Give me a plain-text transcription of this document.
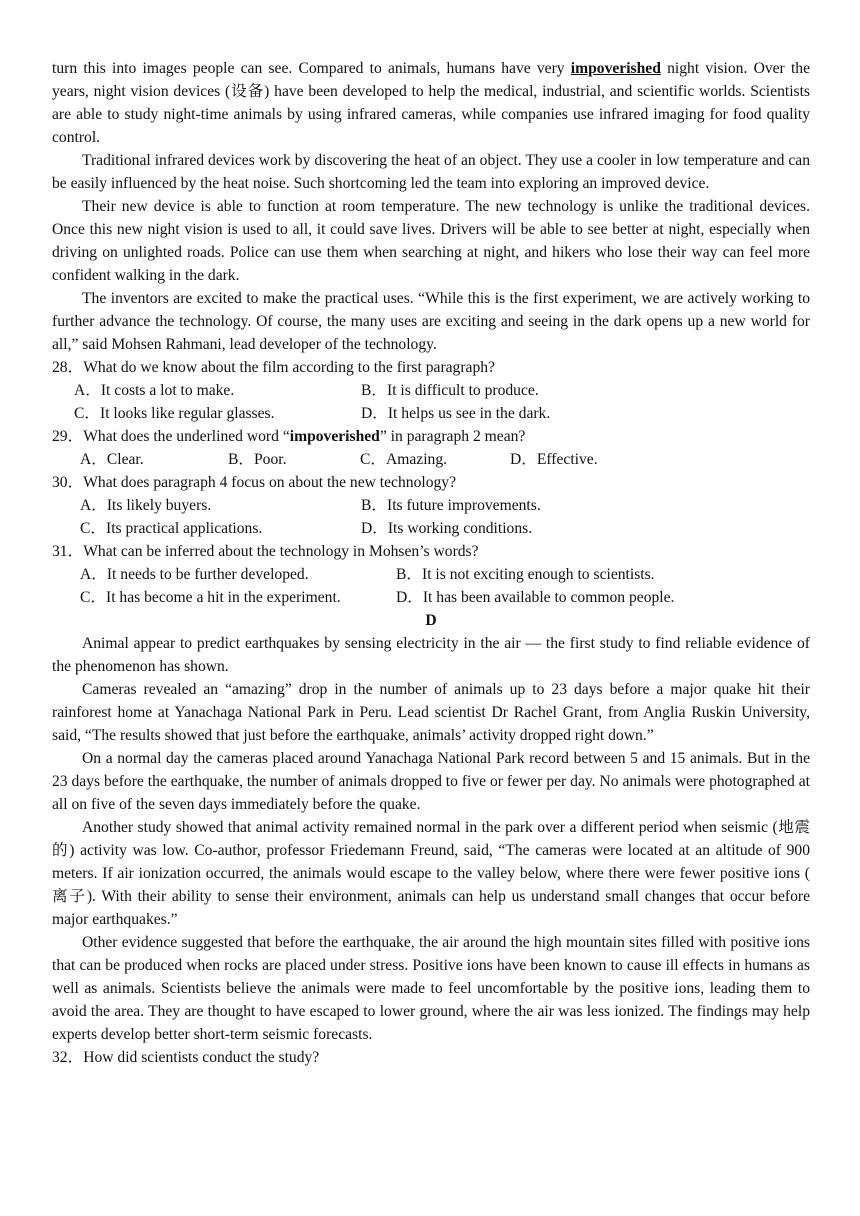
turn this into images people can see. Compared to animals, humans have very impoverished night vision. Over the years, night vision devices (设备) have been developed to help the medical, industrial, and scientific worlds. Scientists are able to study night-time animals by using infrared cameras, while companies use infrared imaging for food quality control.

Traditional infrared devices work by discovering the heat of an object. They use a cooler in low temperature and can be easily influenced by the heat noise. Such shortcoming led the team into exploring an improved device.

Their new device is able to function at room temperature. The new technology is unlike the traditional devices. Once this new night vision is used to all, it could save lives. Drivers will be able to see better at night, especially when driving on unlighted roads. Police can use them when searching at night, and hikers who lose their way can feel more confident walking in the dark.

The inventors are excited to make the practical uses. “While this is the first experiment, we are actively working to further advance the technology. Of course, the many uses are exciting and seeing in the dark opens up a new world for all,” said Mohsen Rahmani, lead developer of the technology.

28．What do we know about the film according to the first paragraph?
A．It costs a lot to make.	B．It is difficult to produce.
C．It looks like regular glasses.	D．It helps us see in the dark.
29．What does the underlined word “impoverished” in paragraph 2 mean?
A．Clear.	B．Poor.	C．Amazing.	D．Effective.
30．What does paragraph 4 focus on about the new technology?
A．Its likely buyers.	B．Its future improvements.
C．Its practical applications.	D．Its working conditions.
31．What can be inferred about the technology in Mohsen’s words?
A．It needs to be further developed.	B．It is not exciting enough to scientists.
C．It has become a hit in the experiment.	D．It has been available to common people.
D

Animal appear to predict earthquakes by sensing electricity in the air — the first study to find reliable evidence of the phenomenon has shown.

Cameras revealed an “amazing” drop in the number of animals up to 23 days before a major quake hit their rainforest home at Yanachaga National Park in Peru. Lead scientist Dr Rachel Grant, from Anglia Ruskin University, said, “The results showed that just before the earthquake, animals’ activity dropped right down.”

On a normal day the cameras placed around Yanachaga National Park record between 5 and 15 animals. But in the 23 days before the earthquake, the number of animals dropped to five or fewer per day. No animals were photographed at all on five of the seven days immediately before the quake.

Another study showed that animal activity remained normal in the park over a different period when seismic (地震的) activity was low. Co-author, professor Friedemann Freund, said, “The cameras were located at an altitude of 900 meters. If air ionization occurred, the animals would escape to the valley below, where there were fewer positive ions ( 离子). With their ability to sense their environment, animals can help us understand small changes that occur before major earthquakes.”

Other evidence suggested that before the earthquake, the air around the high mountain sites filled with positive ions that can be produced when rocks are placed under stress. Positive ions have been known to cause ill effects in humans as well as animals. Scientists believe the animals were made to feel uncomfortable by the positive ions, leading them to avoid the area. They are thought to have escaped to lower ground, where the air was less ionized. The findings may help experts develop better short-term seismic forecasts.

32．How did scientists conduct the study?
